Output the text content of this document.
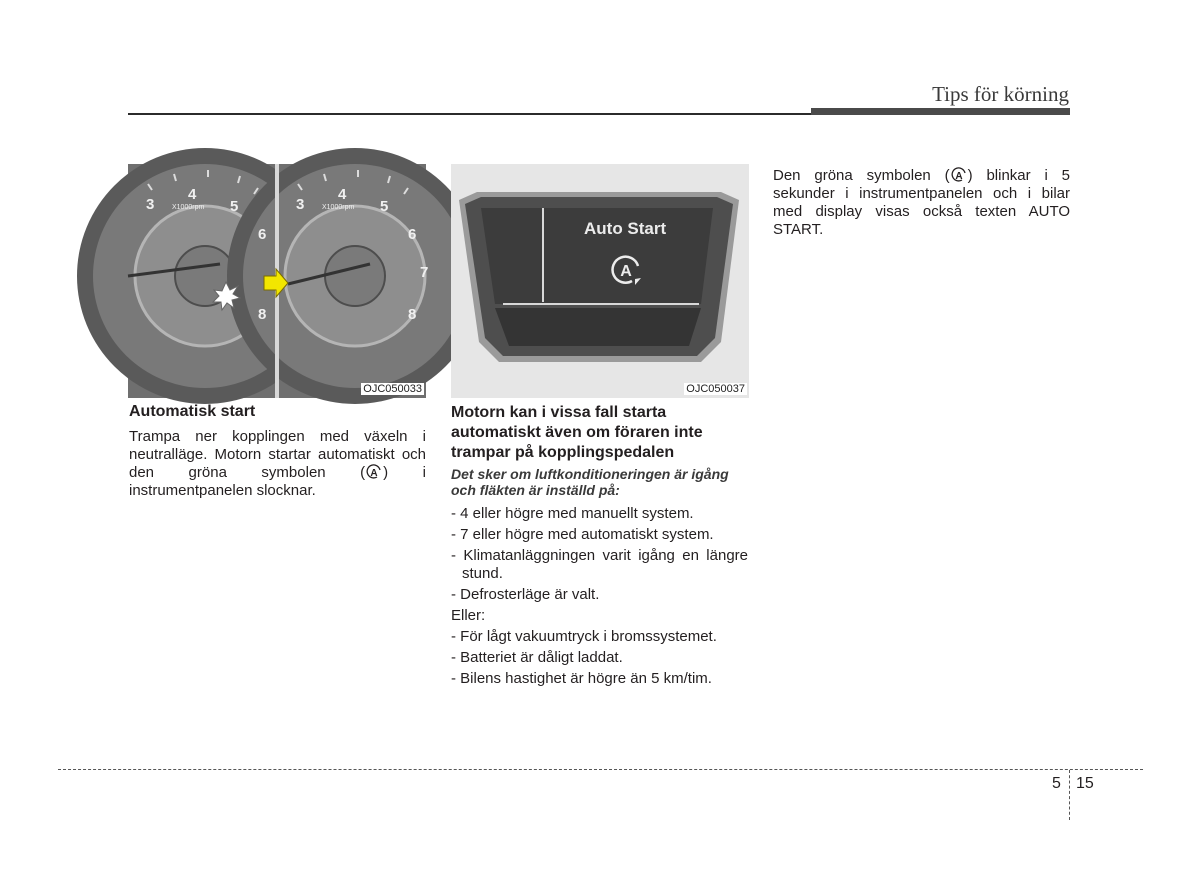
Tips för körning
3
4
5
6
8
X1000rpm	3
4
5
6
7
8
X1000rpm
OJC050033
Auto Start
A
OJC050037
Automatisk start
Trampa ner kopplingen med växeln i neutralläge. Motorn startar automatiskt och den gröna symbolen ( A ) i instrumentpanelen slocknar.
Motorn kan i vissa fall starta automatiskt även om föraren inte trampar på kopplingspedalen
Det sker om luftkonditioneringen är igång och fläkten är inställd på:
- 4 eller högre med manuellt system.
- 7 eller högre med automatiskt system.
- Klimatanläggningen varit igång en längre stund.
- Defrosterläge är valt.
Eller:
- För lågt vakuumtryck i bromssystemet.
- Batteriet är dåligt laddat.
- Bilens hastighet är högre än 5 km/tim.
Den gröna symbolen ( A ) blinkar i 5 sekunder i instrumentpanelen och i bilar med display visas också texten AUTO START.
5 15
